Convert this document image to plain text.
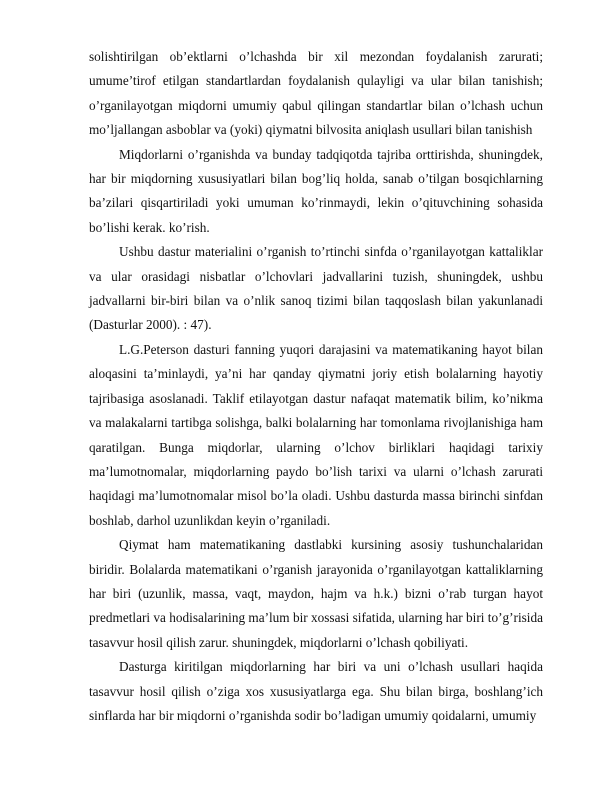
solishtirilgan ob’ektlarni o’lchashda bir xil mezondan foydalanish zarurati; umume’tirof etilgan standartlardan foydalanish qulayligi va ular bilan tanishish; o’rganilayotgan miqdorni umumiy qabul qilingan standartlar bilan o’lchash uchun mo’ljallangan asboblar va (yoki) qiymatni bilvosita aniqlash usullari bilan tanishish

Miqdorlarni o’rganishda va bunday tadqiqotda tajriba orttirishda, shuningdek, har bir miqdorning xususiyatlari bilan bog’liq holda, sanab o’tilgan bosqichlarning ba’zilari qisqartiriladi yoki umuman ko’rinmaydi, lekin o’qituvchining sohasida bo’lishi kerak. ko’rish.

Ushbu dastur materialini o’rganish to’rtinchi sinfda o’rganilayotgan kattaliklar va ular orasidagi nisbatlar o’lchovlari jadvallarini tuzish, shuningdek, ushbu jadvallarni bir-biri bilan va o’nlik sanoq tizimi bilan taqqoslash bilan yakunlanadi (Dasturlar 2000). : 47).

L.G.Peterson dasturi fanning yuqori darajasini va matematikaning hayot bilan aloqasini ta’minlaydi, ya’ni har qanday qiymatni joriy etish bolalarning hayotiy tajribasiga asoslanadi. Taklif etilayotgan dastur nafaqat matematik bilim, ko’nikma va malakalarni tartibga solishga, balki bolalarning har tomonlama rivojlanishiga ham qaratilgan. Bunga miqdorlar, ularning o’lchov birliklari haqidagi tarixiy ma’lumotnomalar, miqdorlarning paydo bo’lish tarixi va ularni o’lchash zarurati haqidagi ma’lumotnomalar misol bo’la oladi. Ushbu dasturda massa birinchi sinfdan boshlab, darhol uzunlikdan keyin o’rganiladi.

Qiymat ham matematikaning dastlabki kursining asosiy tushunchalaridan biridir. Bolalarda matematikani o’rganish jarayonida o’rganilayotgan kattaliklarning har biri (uzunlik, massa, vaqt, maydon, hajm va h.k.) bizni o’rab turgan hayot predmetlari va hodisalarining ma’lum bir xossasi sifatida, ularning har biri to’g’risida tasavvur hosil qilish zarur. shuningdek, miqdorlarni o’lchash qobiliyati.

Dasturga kiritilgan miqdorlarning har biri va uni o’lchash usullari haqida tasavvur hosil qilish o’ziga xos xususiyatlarga ega. Shu bilan birga, boshlang’ich sinflarda har bir miqdorni o’rganishda sodir bo’ladigan umumiy qoidalarni, umumiy
